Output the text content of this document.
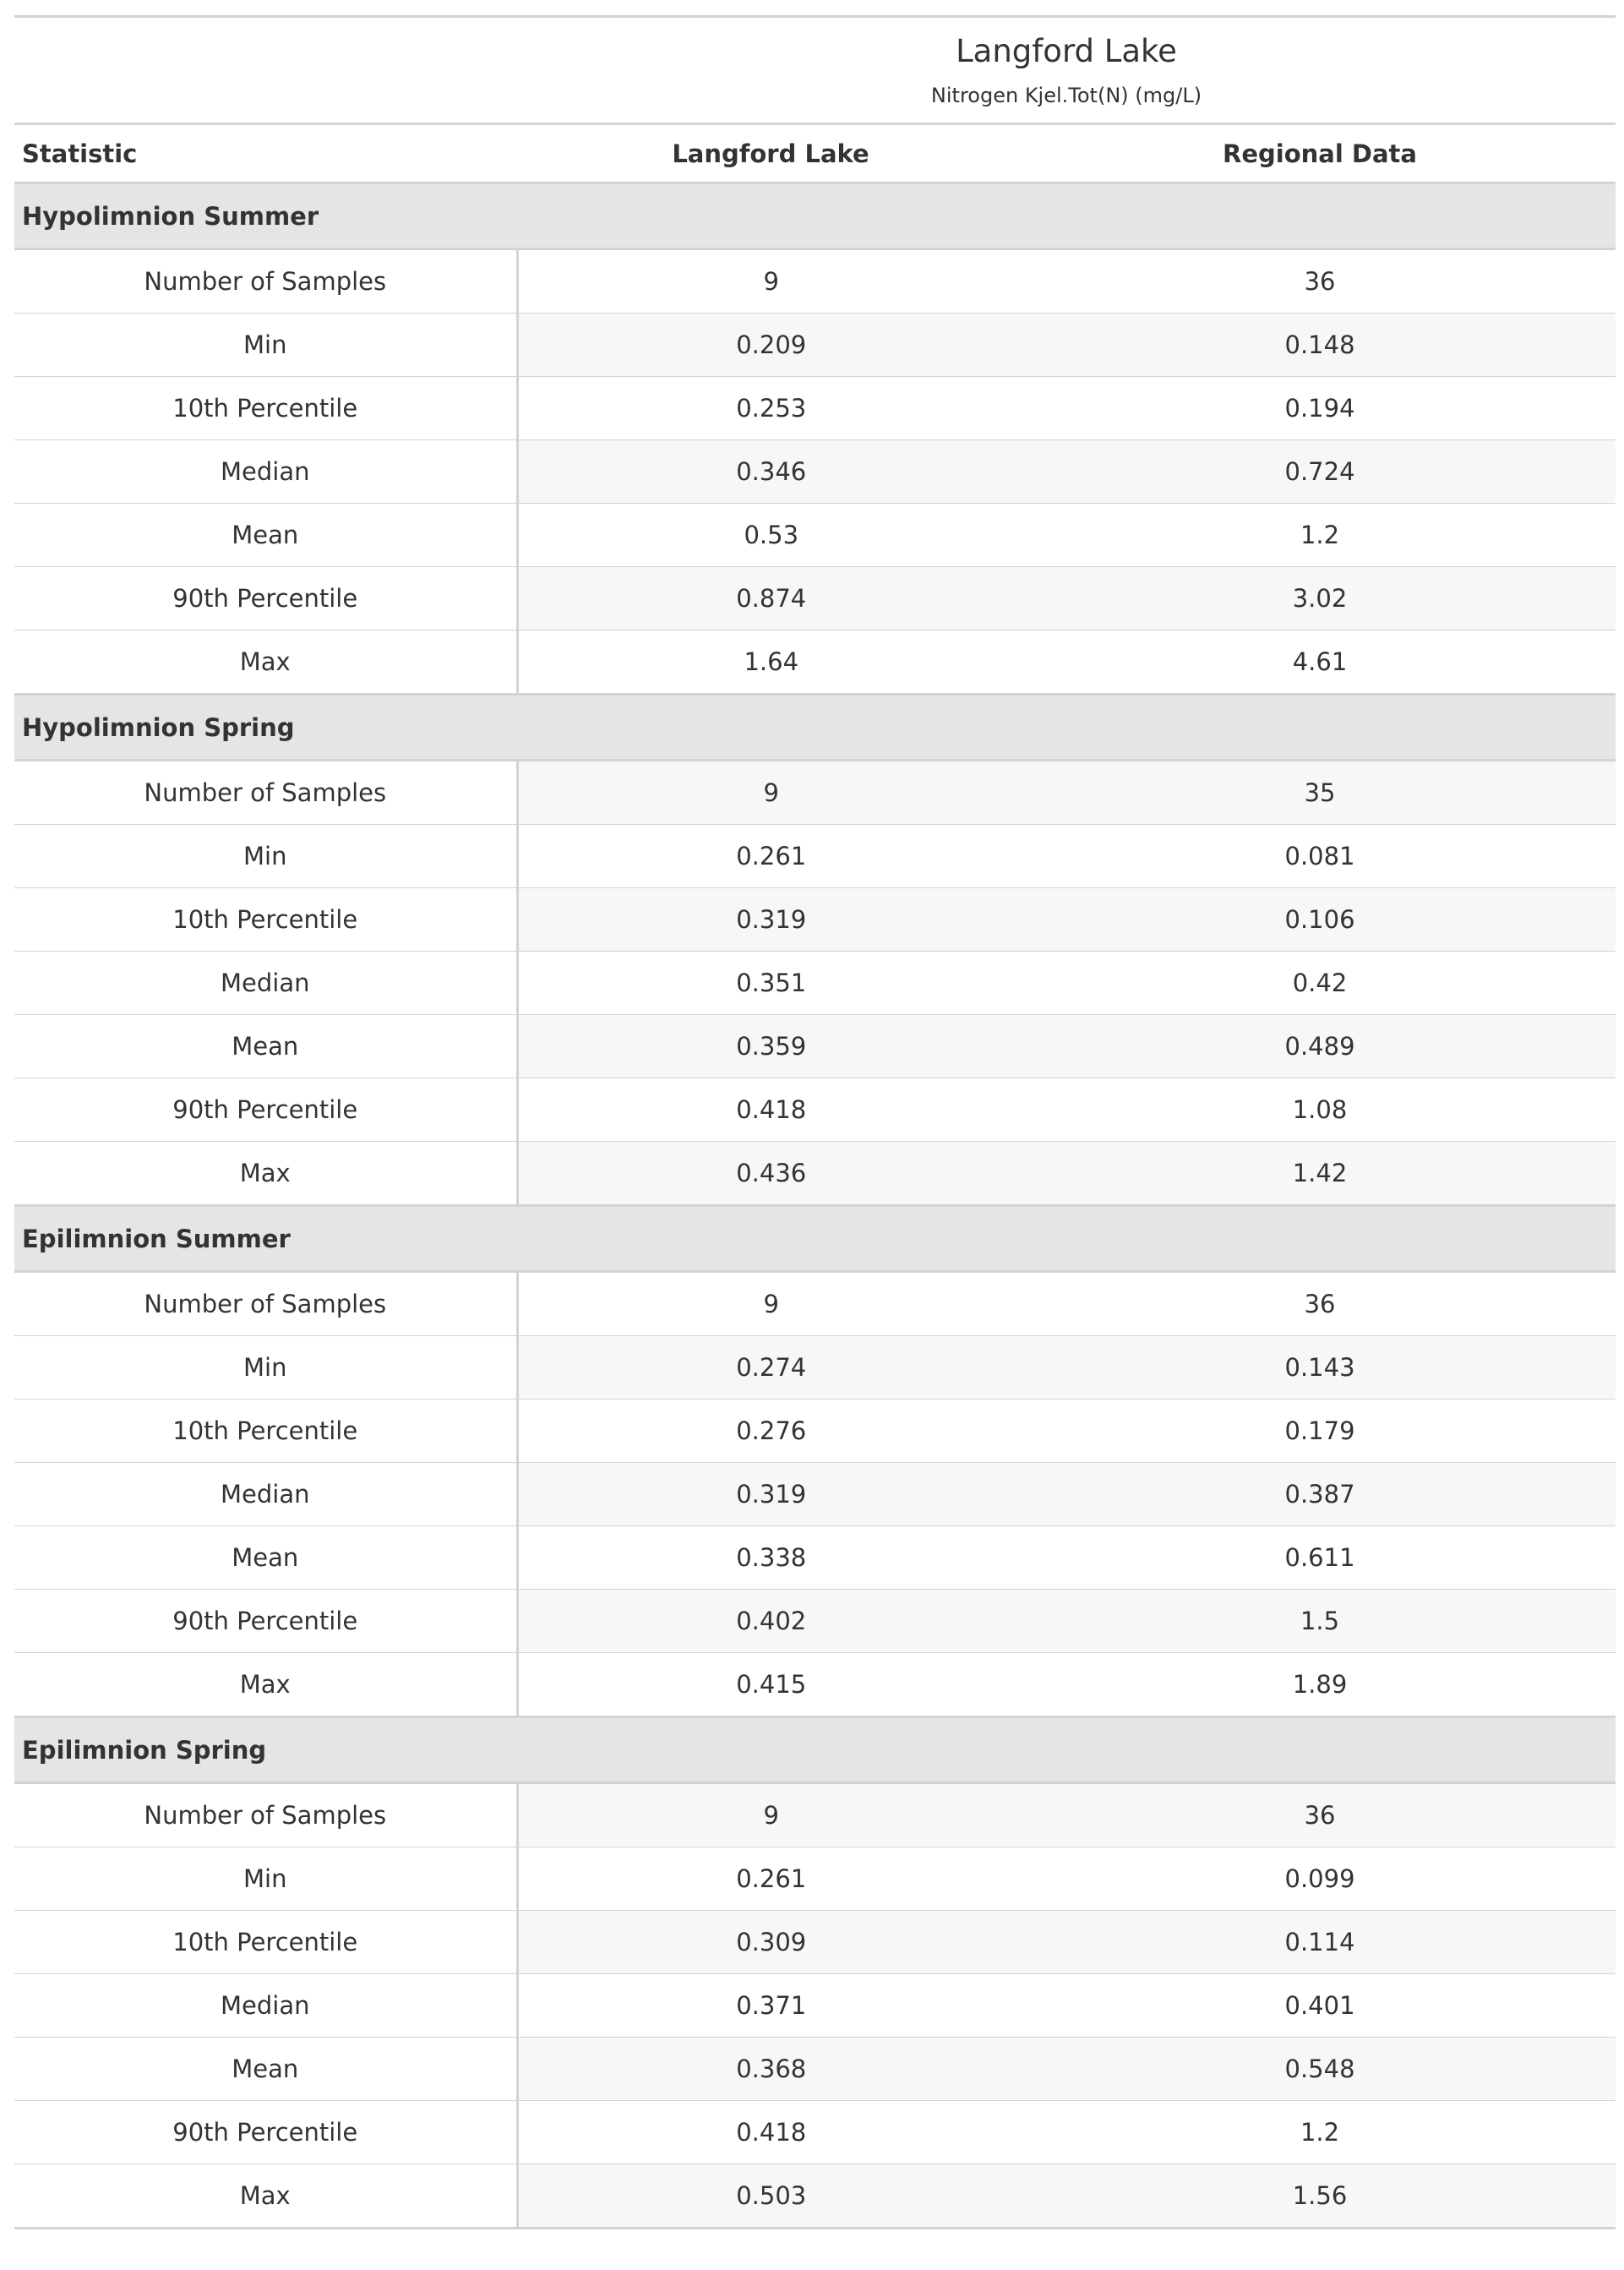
Langford Lake
Nitrogen Kjel.Tot(N) (mg/L)		

Statistic	Langford Lake	Regional Data
Hypolimnion Summer		
Number of Samples	9	36
Min	0.209	0.148
10th Percentile	0.253	0.194
Median	0.346	0.724
Mean	0.53	1.2
90th Percentile	0.874	3.02
Max	1.64	4.61
Hypolimnion Spring		
Number of Samples	9	35
Min	0.261	0.081
10th Percentile	0.319	0.106
Median	0.351	0.42
Mean	0.359	0.489
90th Percentile	0.418	1.08
Max	0.436	1.42
Epilimnion Summer		
Number of Samples	9	36
Min	0.274	0.143
10th Percentile	0.276	0.179
Median	0.319	0.387
Mean	0.338	0.611
90th Percentile	0.402	1.5
Max	0.415	1.89
Epilimnion Spring		
Number of Samples	9	36
Min	0.261	0.099
10th Percentile	0.309	0.114
Median	0.371	0.401
Mean	0.368	0.548
90th Percentile	0.418	1.2
Max	0.503	1.56
